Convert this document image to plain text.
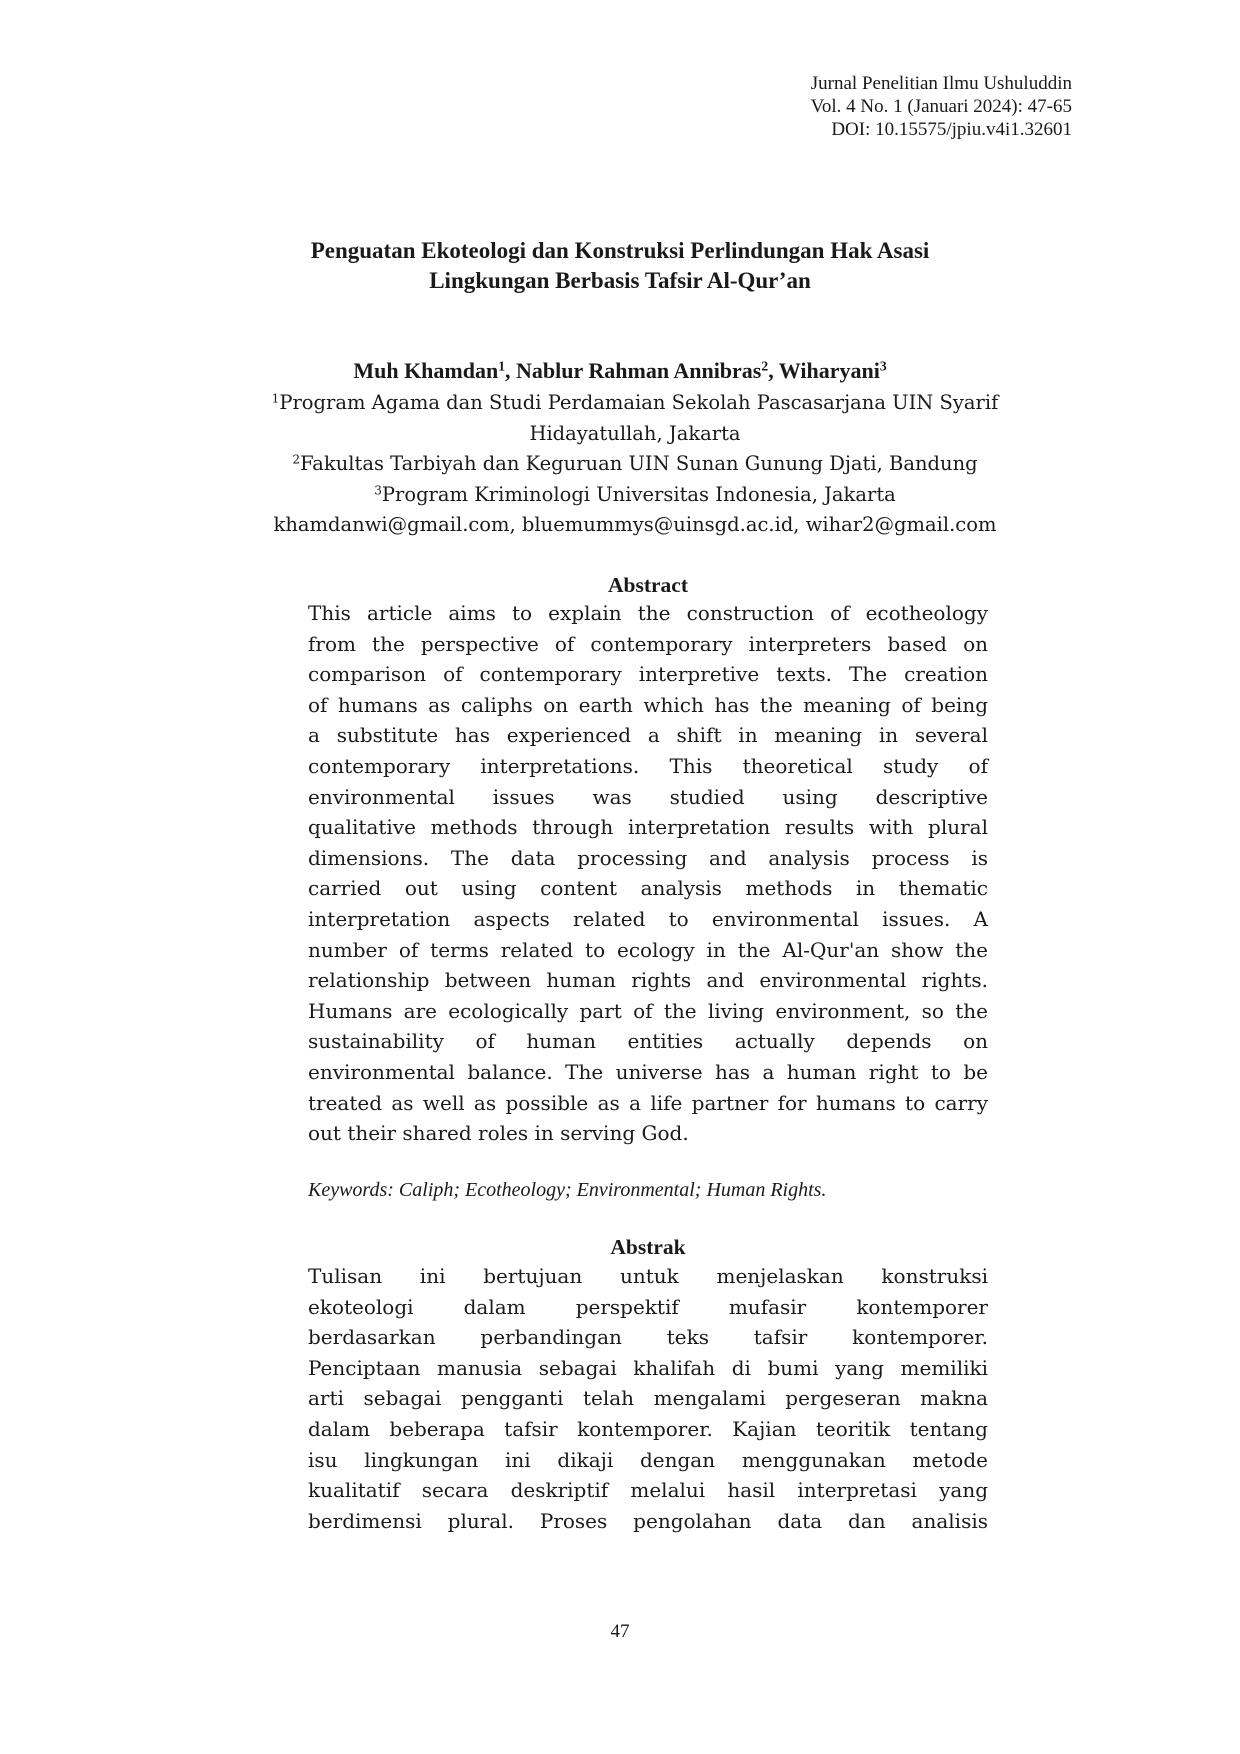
Jurnal Penelitian Ilmu Ushuluddin
Vol. 4 No. 1 (Januari 2024): 47-65
DOI: 10.15575/jpiu.v4i1.32601
Penguatan Ekoteologi dan Konstruksi Perlindungan Hak Asasi
Lingkungan Berbasis Tafsir Al-Qur’an
Muh Khamdan$^1$, Nablur Rahman Annibras$^2$, Wiharyani$^3$
$^1$Program Agama dan Studi Perdamaian Sekolah Pascasarjana UIN Syarif
Hidayatullah, Jakarta
$^2$Fakultas Tarbiyah dan Keguruan UIN Sunan Gunung Djati, Bandung
$^3$Program Kriminologi Universitas Indonesia, Jakarta
khamdanwi@gmail.com, bluemummys@uinsgd.ac.id, wihar2@gmail.com
Abstract
This article aims to explain the construction of ecotheology
from the perspective of contemporary interpreters based on
comparison of contemporary interpretive texts. The creation
of humans as caliphs on earth which has the meaning of being
a substitute has experienced a shift in meaning in several
contemporary interpretations. This theoretical study of
environmental issues was studied using descriptive
qualitative methods through interpretation results with plural
dimensions. The data processing and analysis process is
carried out using content analysis methods in thematic
interpretation aspects related to environmental issues. A
number of terms related to ecology in the Al-Qur'an show the
relationship between human rights and environmental rights.
Humans are ecologically part of the living environment, so the
sustainability of human entities actually depends on
environmental balance. The universe has a human right to be
treated as well as possible as a life partner for humans to carry
out their shared roles in serving God.
Keywords: Caliph; Ecotheology; Environmental; Human Rights.
Abstrak
Tulisan ini bertujuan untuk menjelaskan konstruksi
ekoteologi dalam perspektif mufasir kontemporer
berdasarkan perbandingan teks tafsir kontemporer.
Penciptaan manusia sebagai khalifah di bumi yang memiliki
arti sebagai pengganti telah mengalami pergeseran makna
dalam beberapa tafsir kontemporer. Kajian teoritik tentang
isu lingkungan ini dikaji dengan menggunakan metode
kualitatif secara deskriptif melalui hasil interpretasi yang
berdimensi plural. Proses pengolahan data dan analisis
47
